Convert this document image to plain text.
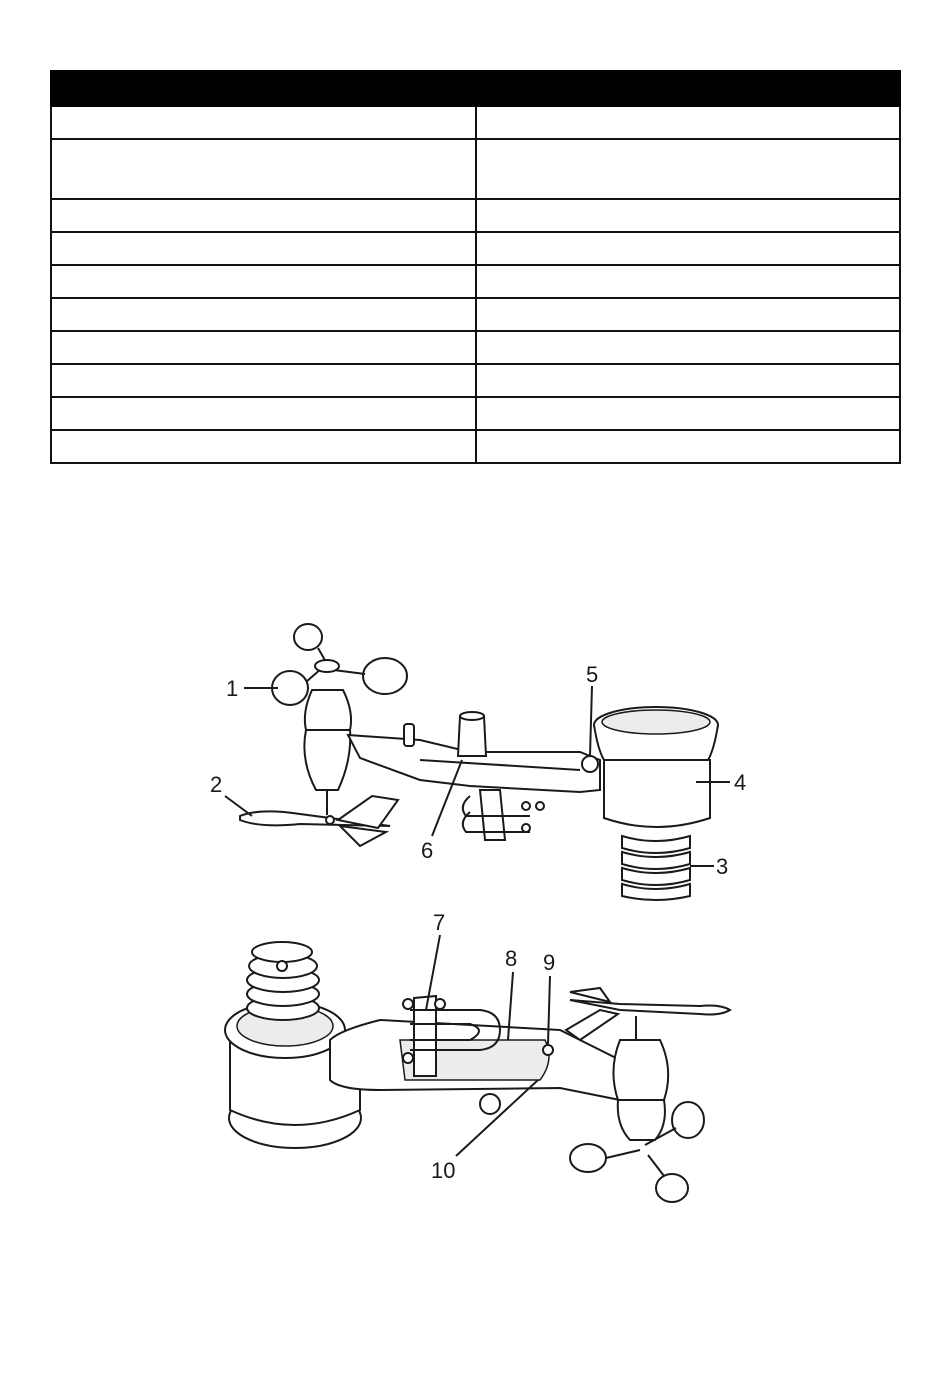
1
2
3
4
5
6
7
8 9
10
